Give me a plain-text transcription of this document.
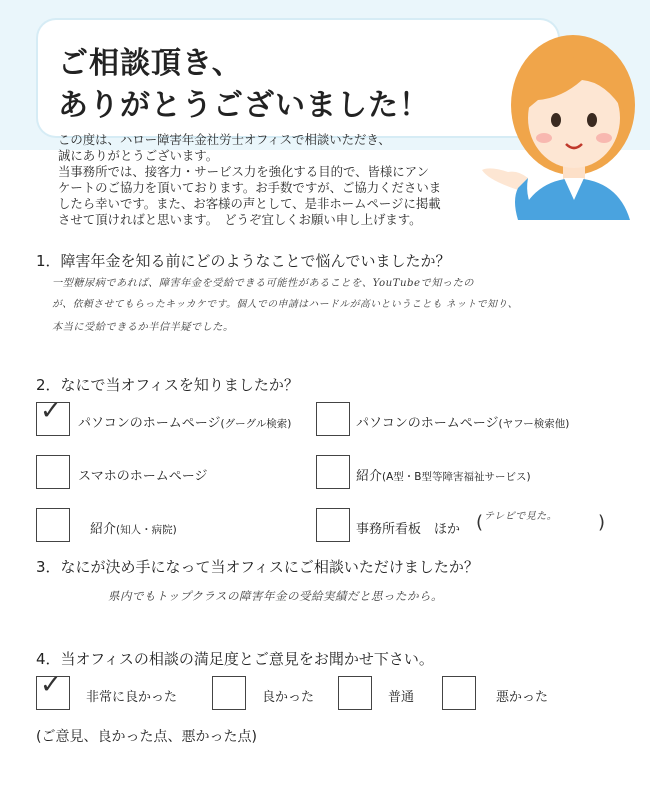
ご相談頂き、
ありがとうございました！
この度は、ハロー障害年金社労士オフィスで相談いただき、
誠にありがとうございます。
当事務所では、接客力・サービス力を強化する目的で、皆様にアン
ケートのご協力を頂いております。お手数ですが、ご協力くださいま
したら幸いです。また、お客様の声として、是非ホームページに掲載
させて頂ければと思います。　どうぞ宜しくお願い申し上げます。
1．障害年金を知る前にどのようなことで悩んでいましたか？
一型糖尿病であれば、障害年金を受給できる可能性があることを、YouTubeで知ったの
が、依頼させてもらったキッカケです。個人での申請はハードルが高いということも ネットで知り、
本当に受給できるか半信半疑でした。
2．なにで当オフィスを知りましたか？
✓ パソコンのホームページ(グーグル検索)	パソコンのホームページ(ヤフー検索他)
スマホのホームページ	紹介(A型・B型等障害福祉サービス)
紹介(知人・病院)	事務所看板　ほか ( テレビで見た。 )
3．なにが決め手になって当オフィスにご相談いただけましたか？
県内でもトップクラスの障害年金の受給実績だと思ったから。
4．当オフィスの相談の満足度とご意見をお聞かせ下さい。
✓ 非常に良かった	良かった	普通	悪かった
(ご意見、良かった点、悪かった点)
